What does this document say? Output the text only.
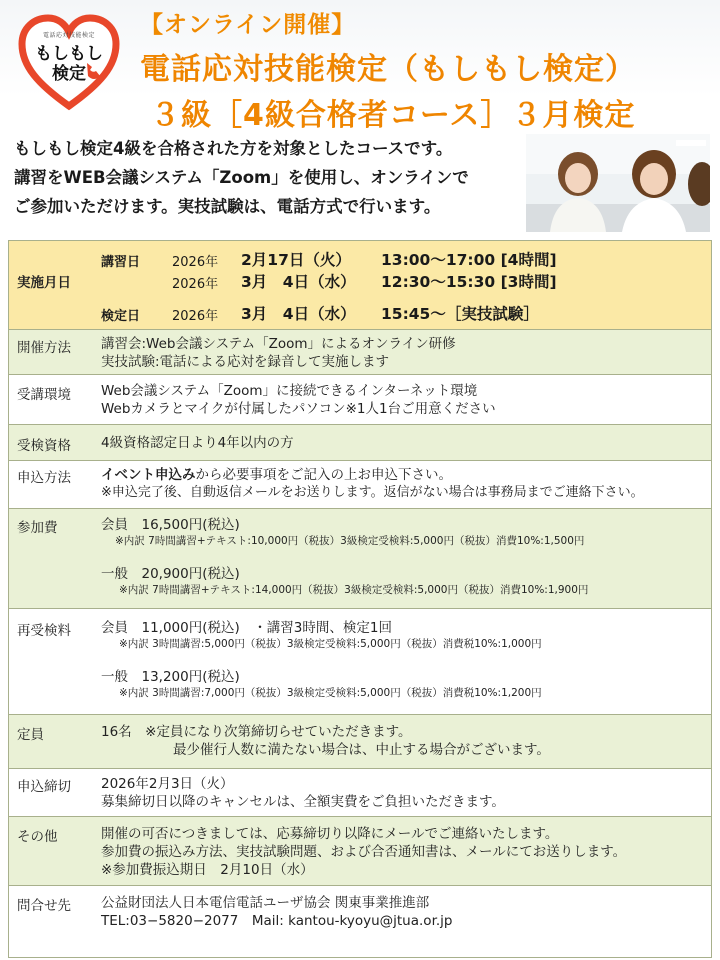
電話応対技能検定
もしもし
検定
【オンライン開催】
電話応対技能検定（もしもし検定）
３級［4級合格者コース］３月検定
もしもし検定4級を合格された方を対象としたコースです。
講習をWEB会議システム「Zoom」を使用し、オンラインで
ご参加いただけます。実技試験は、電話方式で行います。
実施月日
講習日 2026年 2月17日（火） 13:00〜17:00 [4時間]
2026年 3月　4日（水） 12:30〜15:30 [3時間]
検定日 2026年 3月　4日（水） 15:45〜［実技試験］
開催方法 講習会:Web会議システム「Zoom」によるオンライン研修
実技試験:電話による応対を録音して実施します
受講環境 Web会議システム「Zoom」に接続できるインターネット環境
Webカメラとマイクが付属したパソコン※1人1台ご用意ください
受検資格 4級資格認定日より4年以内の方
申込方法 イベント申込みから必要事項をご記入の上お申込下さい。
※申込完了後、自動返信メールをお送りします。返信がない場合は事務局までご連絡下さい。
参加費	会員　16,500円(税込)
※内訳 7時間講習+テキスト:10,000円（税抜）3級検定受検料:5,000円（税抜）消費10%:1,500円
一般　20,900円(税込)
※内訳 7時間講習+テキスト:14,000円（税抜）3級検定受検料:5,000円（税抜）消費10%:1,900円
再受検料 会員　11,000円(税込)　・講習3時間、検定1回
※内訳 3時間講習:5,000円（税抜）3級検定受検料:5,000円（税抜）消費税10%:1,000円
一般　13,200円(税込)
※内訳 3時間講習:7,000円（税抜）3級検定受検料:5,000円（税抜）消費税10%:1,200円
定員	16名　※定員になり次第締切らせていただきます。
最少催行人数に満たない場合は、中止する場合がございます。
申込締切 2026年2月3日（火）
募集締切日以降のキャンセルは、全額実費をご負担いただきます。
その他	開催の可否につきましては、応募締切り以降にメールでご連絡いたします。
参加費の振込み方法、実技試験問題、および合否通知書は、メールにてお送りします。
※参加費振込期日　2月10日（水）
問合せ先 公益財団法人日本電信電話ユーザ協会 関東事業推進部
TEL:03−5820−2077　Mail: kantou-kyoyu@jtua.or.jp
